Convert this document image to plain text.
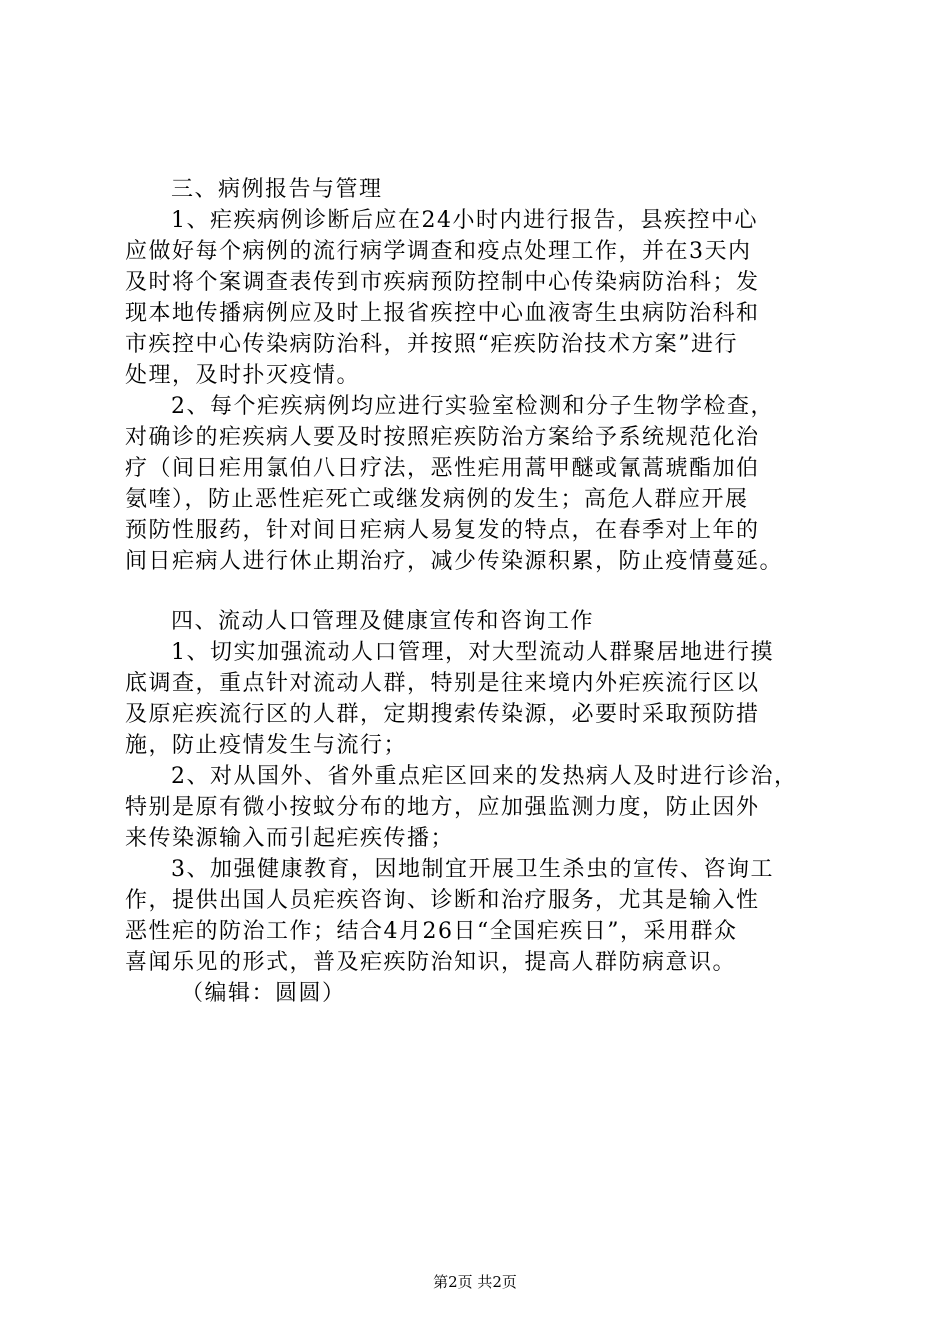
三、病例报告与管理
1、疟疾病例诊断后应在24小时内进行报告，县疾控中心
应做好每个病例的流行病学调查和疫点处理工作，并在3天内
及时将个案调查表传到市疾病预防控制中心传染病防治科；发
现本地传播病例应及时上报省疾控中心血液寄生虫病防治科和
市疾控中心传染病防治科，并按照“疟疾防治技术方案”进行
处理，及时扑灭疫情。
2、每个疟疾病例均应进行实验室检测和分子生物学检查，
对确诊的疟疾病人要及时按照疟疾防治方案给予系统规范化治
疗（间日疟用氯伯八日疗法，恶性疟用蒿甲醚或氰蒿琥酯加伯
氨喹），防止恶性疟死亡或继发病例的发生；高危人群应开展
预防性服药，针对间日疟病人易复发的特点，在春季对上年的
间日疟病人进行休止期治疗，减少传染源积累，防止疫情蔓延。
四、流动人口管理及健康宣传和咨询工作
1、切实加强流动人口管理，对大型流动人群聚居地进行摸
底调查，重点针对流动人群，特别是往来境内外疟疾流行区以
及原疟疾流行区的人群，定期搜索传染源，必要时采取预防措
施，防止疫情发生与流行；
2、对从国外、省外重点疟区回来的发热病人及时进行诊治，
特别是原有微小按蚊分布的地方，应加强监测力度，防止因外
来传染源输入而引起疟疾传播；
3、加强健康教育，因地制宜开展卫生杀虫的宣传、咨询工
作，提供出国人员疟疾咨询、诊断和治疗服务，尤其是输入性
恶性疟的防治工作；结合4月26日“全国疟疾日”，采用群众
喜闻乐见的形式，普及疟疾防治知识，提高人群防病意识。
（编辑：圆圆）
第2页 共2页
